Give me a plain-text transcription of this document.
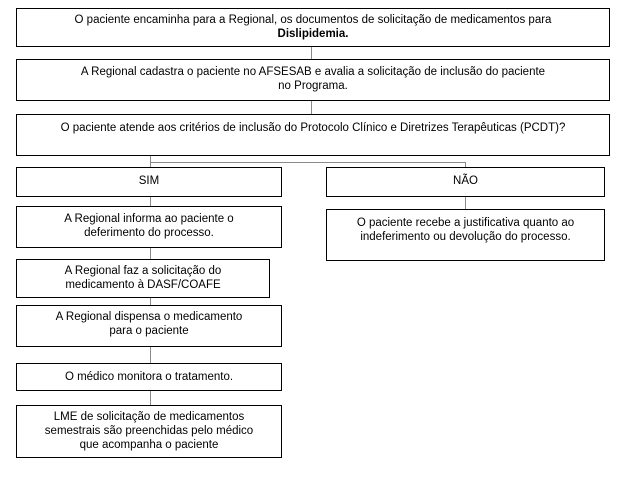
O paciente encaminha para a Regional, os documentos de solicitação de medicamentos para
Dislipidemia.
A Regional cadastra o paciente no AFSESAB e avalia a solicitação de inclusão do paciente no Programa.
O paciente atende aos critérios de inclusão do Protocolo Clínico e Diretrizes Terapêuticas (PCDT)?
SIM	NÃO
A Regional informa ao paciente o deferimento do processo.
A Regional faz a solicitação do medicamento à DASF/COAFE
A Regional dispensa o medicamento para o paciente
O médico monitora o tratamento.
LME de solicitação de medicamentos semestrais são preenchidas pelo médico que acompanha o paciente
O paciente recebe a justificativa quanto ao indeferimento ou devolução do processo.
